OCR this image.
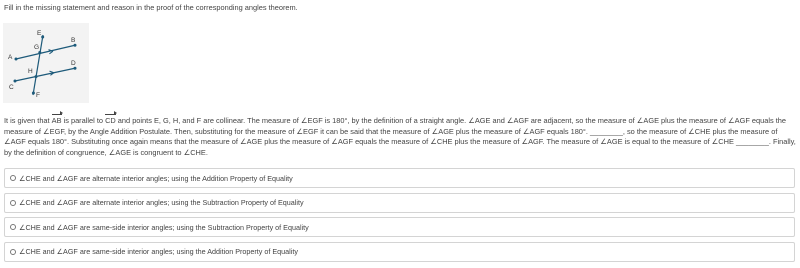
Fill in the missing statement and reason in the proof of the corresponding angles theorem.
A
B
C
D
E
F
G
H
It is given that AB is parallel to CD and points E, G, H, and F are collinear. The measure of ∠EGF is 180°, by the definition of a straight angle. ∠AGE and ∠AGF are adjacent, so the measure of ∠AGE plus the measure of ∠AGF equals the measure of ∠EGF, by the Angle Addition Postulate. Then, substituting for the measure of ∠EGF it can be said that the measure of ∠AGE plus the measure of ∠AGF equals 180°. ________, so the measure of ∠CHE plus the measure of ∠AGF equals 180°. Substituting once again means that the measure of ∠AGE plus the measure of ∠AGF equals the measure of ∠CHE plus the measure of ∠AGF. The measure of ∠AGE is equal to the measure of ∠CHE ________. Finally, by the definition of congruence, ∠AGE is congruent to ∠CHE.
∠CHE and ∠AGF are alternate interior angles; using the Addition Property of Equality
∠CHE and ∠AGF are alternate interior angles; using the Subtraction Property of Equality
∠CHE and ∠AGF are same-side interior angles; using the Subtraction Property of Equality
∠CHE and ∠AGF are same-side interior angles; using the Addition Property of Equality
